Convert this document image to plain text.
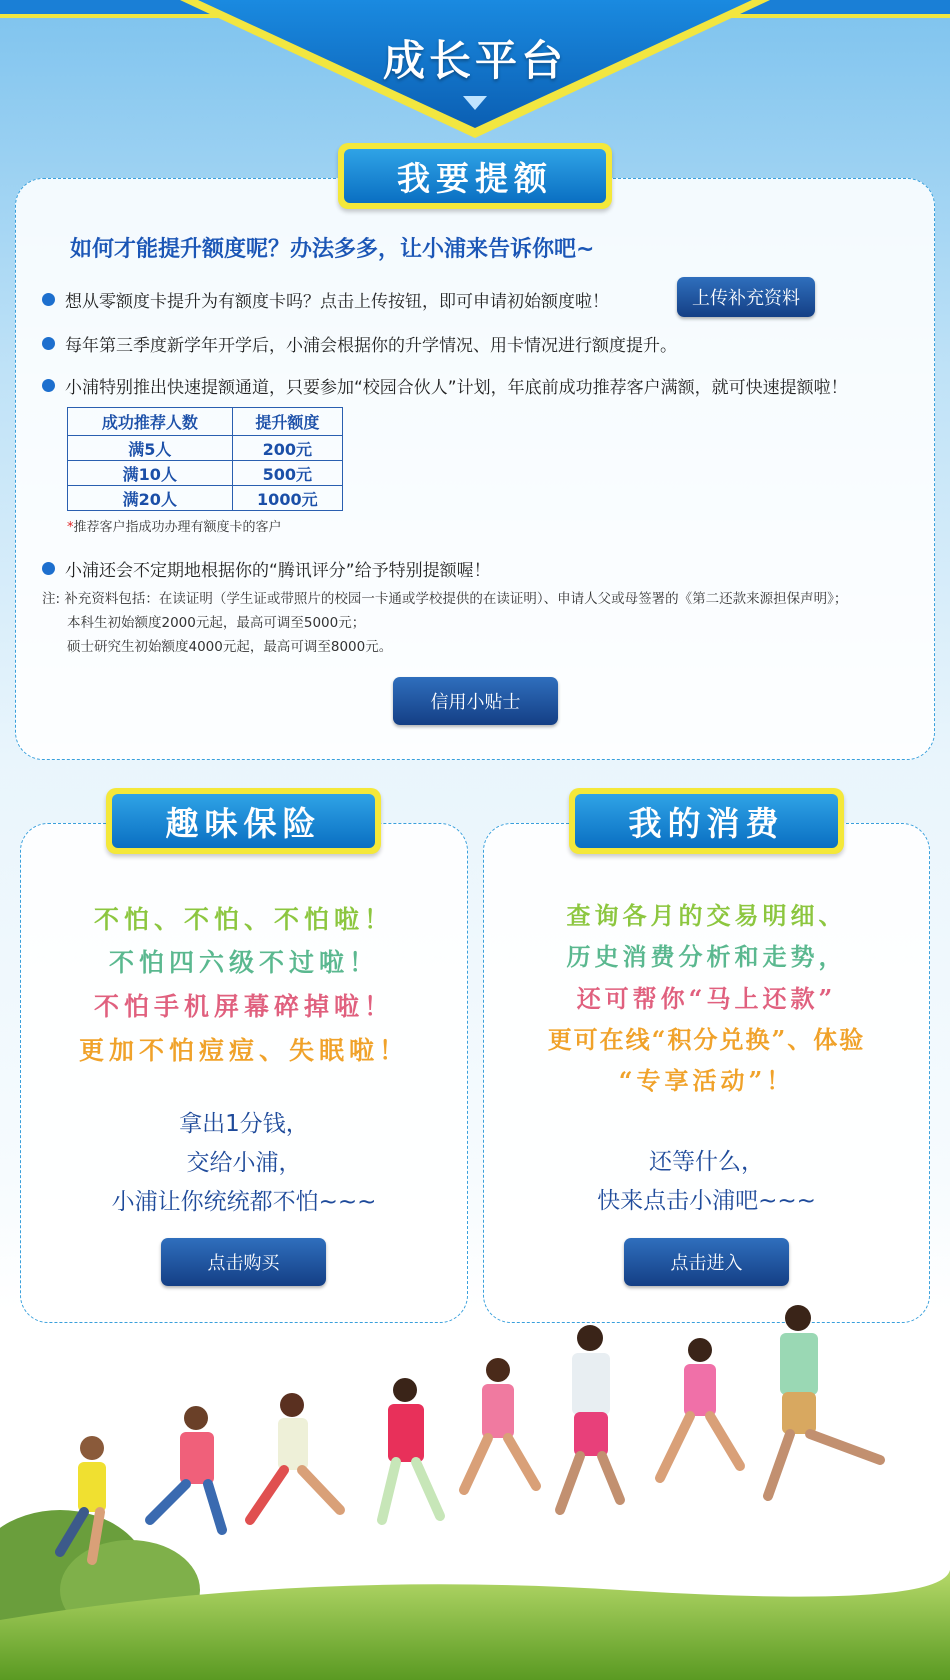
成长平台
我要提额
如何才能提升额度呢？办法多多，让小浦来告诉你吧~
想从零额度卡提升为有额度卡吗？点击上传按钮，即可申请初始额度啦！	上传补充资料
每年第三季度新学年开学后，小浦会根据你的升学情况、用卡情况进行额度提升。
小浦特别推出快速提额通道，只要参加“校园合伙人”计划，年底前成功推荐客户满额，就可快速提额啦！
成功推荐人数	提升额度
满5人	200元
满10人	500元
满20人	1000元
*推荐客户指成功办理有额度卡的客户
小浦还会不定期地根据你的“腾讯评分”给予特别提额喔！
注: 补充资料包括：在读证明（学生证或带照片的校园一卡通或学校提供的在读证明）、申请人父或母签署的《第二还款来源担保声明》；
本科生初始额度2000元起，最高可调至5000元；
硕士研究生初始额度4000元起，最高可调至8000元。
信用小贴士
趣味保险
不怕、不怕、不怕啦！
不怕四六级不过啦！
不怕手机屏幕碎掉啦！
更加不怕痘痘、失眠啦！
拿出1分钱，
交给小浦，
小浦让你统统都不怕~~~
点击购买
我的消费
查询各月的交易明细、
历史消费分析和走势，
还可帮你“马上还款”
更可在线“积分兑换”、体验
“专享活动”！
还等什么，
快来点击小浦吧~~~
点击进入
